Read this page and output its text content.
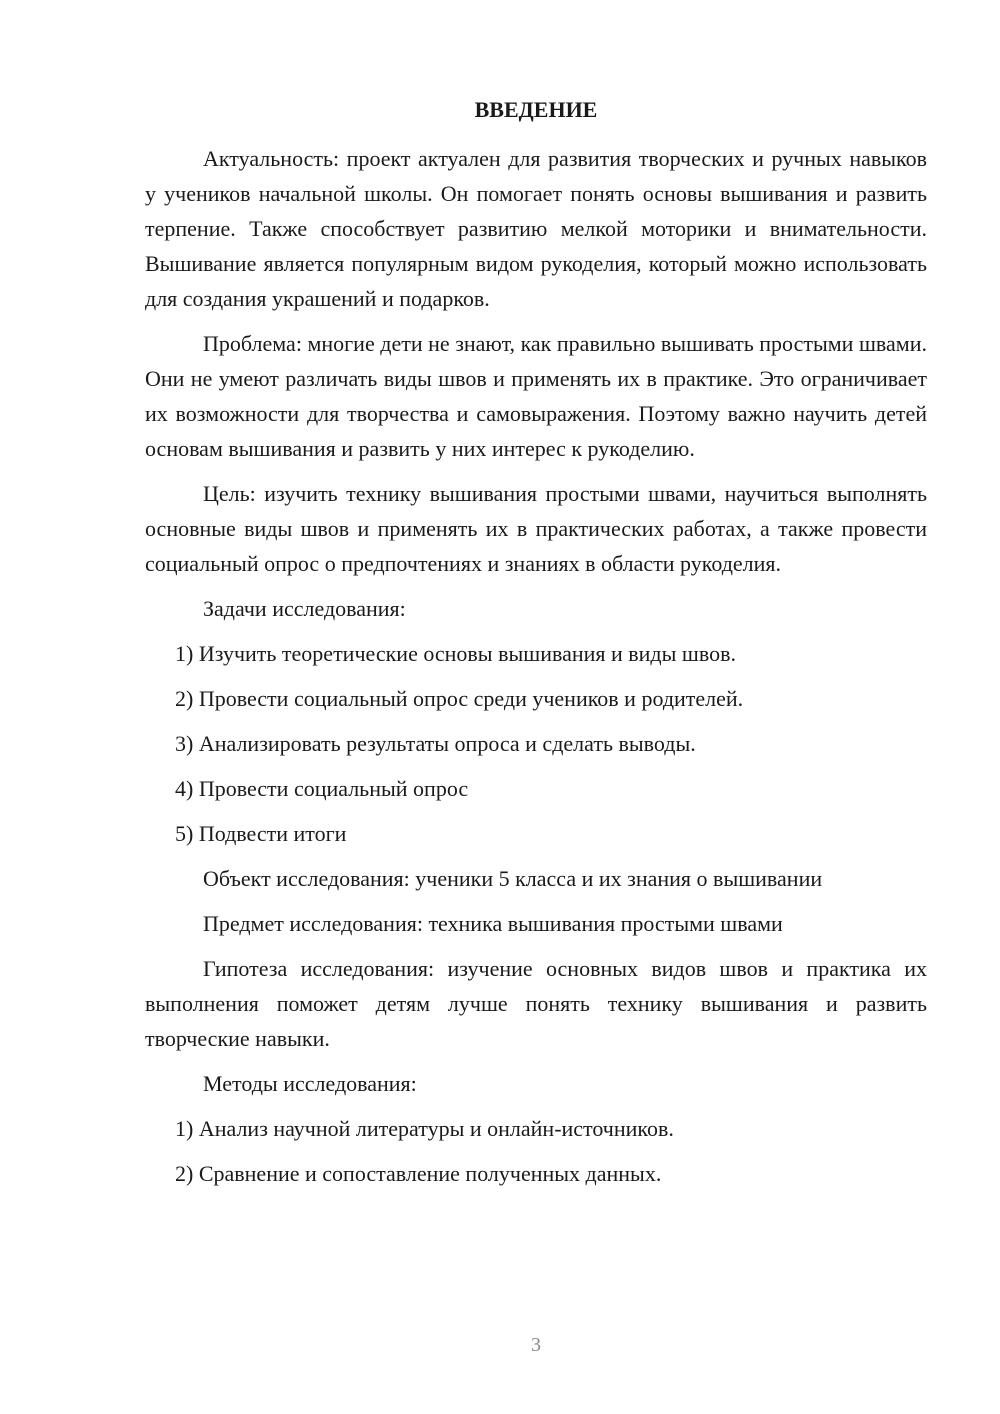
ВВЕДЕНИЕ

Актуальность: проект актуален для развития творческих и ручных навыков у учеников начальной школы. Он помогает понять основы вышивания и развить терпение. Также способствует развитию мелкой моторики и внимательности. Вышивание является популярным видом рукоделия, который можно использовать для создания украшений и подарков.

Проблема: многие дети не знают, как правильно вышивать простыми швами. Они не умеют различать виды швов и применять их в практике. Это ограничивает их возможности для творчества и самовыражения. Поэтому важно научить детей основам вышивания и развить у них интерес к рукоделию.

Цель: изучить технику вышивания простыми швами, научиться выполнять основные виды швов и применять их в практических работах, а также провести социальный опрос о предпочтениях и знаниях в области рукоделия.

Задачи исследования:
1) Изучить теоретические основы вышивания и виды швов.
2) Провести социальный опрос среди учеников и родителей.
3) Анализировать результаты опроса и сделать выводы.
4) Провести социальный опрос
5) Подвести итоги
Объект исследования: ученики 5 класса и их знания о вышивании
Предмет исследования: техника вышивания простыми швами

Гипотеза исследования: изучение основных видов швов и практика их выполнения поможет детям лучше понять технику вышивания и развить творческие навыки.

Методы исследования:
1) Анализ научной литературы и онлайн-источников.
2) Сравнение и сопоставление полученных данных.
3
